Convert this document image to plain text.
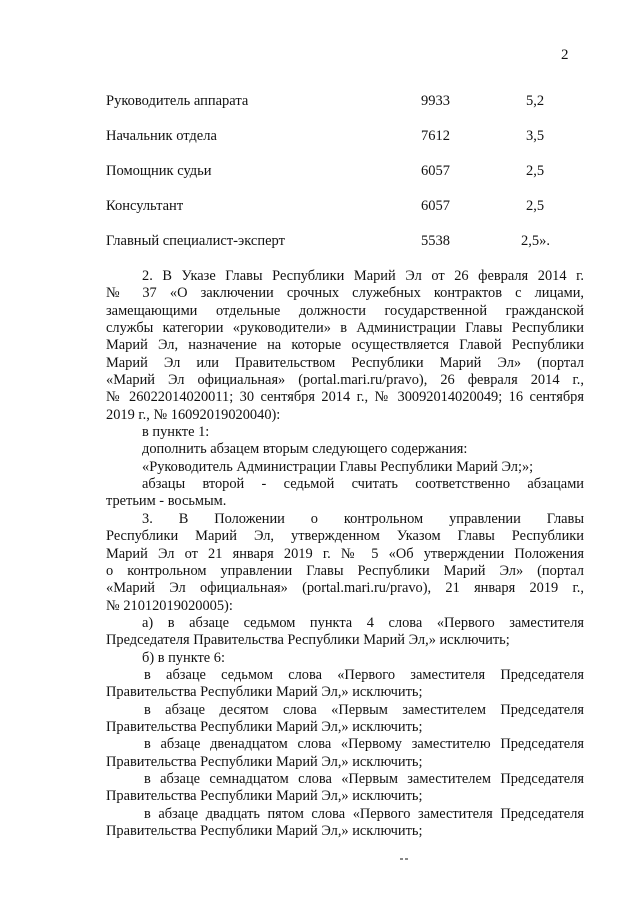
2
Руководитель аппарата	9933	5,2
Начальник отдела	7612	3,5
Помощник судьи	6057	2,5
Консультант	6057	2,5
Главный специалист-эксперт	5538	2,5».
2. В Указе Главы Республики Марий Эл от 26 февраля 2014 г.
№ 37 «О заключении срочных служебных контрактов с лицами,
замещающими отдельные должности государственной гражданской
службы категории «руководители» в Администрации Главы Республики
Марий Эл, назначение на которые осуществляется Главой Республики
Марий Эл или Правительством Республики Марий Эл» (портал
«Марий Эл официальная» (portal.mari.ru/pravo), 26 февраля 2014 г.,
№ 26022014020011; 30 сентября 2014 г., № 30092014020049; 16 сентября
2019 г., № 16092019020040):
в пункте 1:
дополнить абзацем вторым следующего содержания:
«Руководитель Администрации Главы Республики Марий Эл;»;
абзацы второй - седьмой считать соответственно абзацами
третьим - восьмым.
3. В Положении о контрольном управлении Главы
Республики Марий Эл, утвержденном Указом Главы Республики
Марий Эл от 21 января 2019 г. № 5 «Об утверждении Положения
о контрольном управлении Главы Республики Марий Эл» (портал
«Марий Эл официальная» (portal.mari.ru/pravo), 21 января 2019 г.,
№ 21012019020005):
а) в абзаце седьмом пункта 4 слова «Первого заместителя
Председателя Правительства Республики Марий Эл,» исключить;
б) в пункте 6:
в абзаце седьмом слова «Первого заместителя Председателя
Правительства Республики Марий Эл,» исключить;
в абзаце десятом слова «Первым заместителем Председателя
Правительства Республики Марий Эл,» исключить;
в абзаце двенадцатом слова «Первому заместителю Председателя
Правительства Республики Марий Эл,» исключить;
в абзаце семнадцатом слова «Первым заместителем Председателя
Правительства Республики Марий Эл,» исключить;
в абзаце двадцать пятом слова «Первого заместителя Председателя
Правительства Республики Марий Эл,» исключить;
